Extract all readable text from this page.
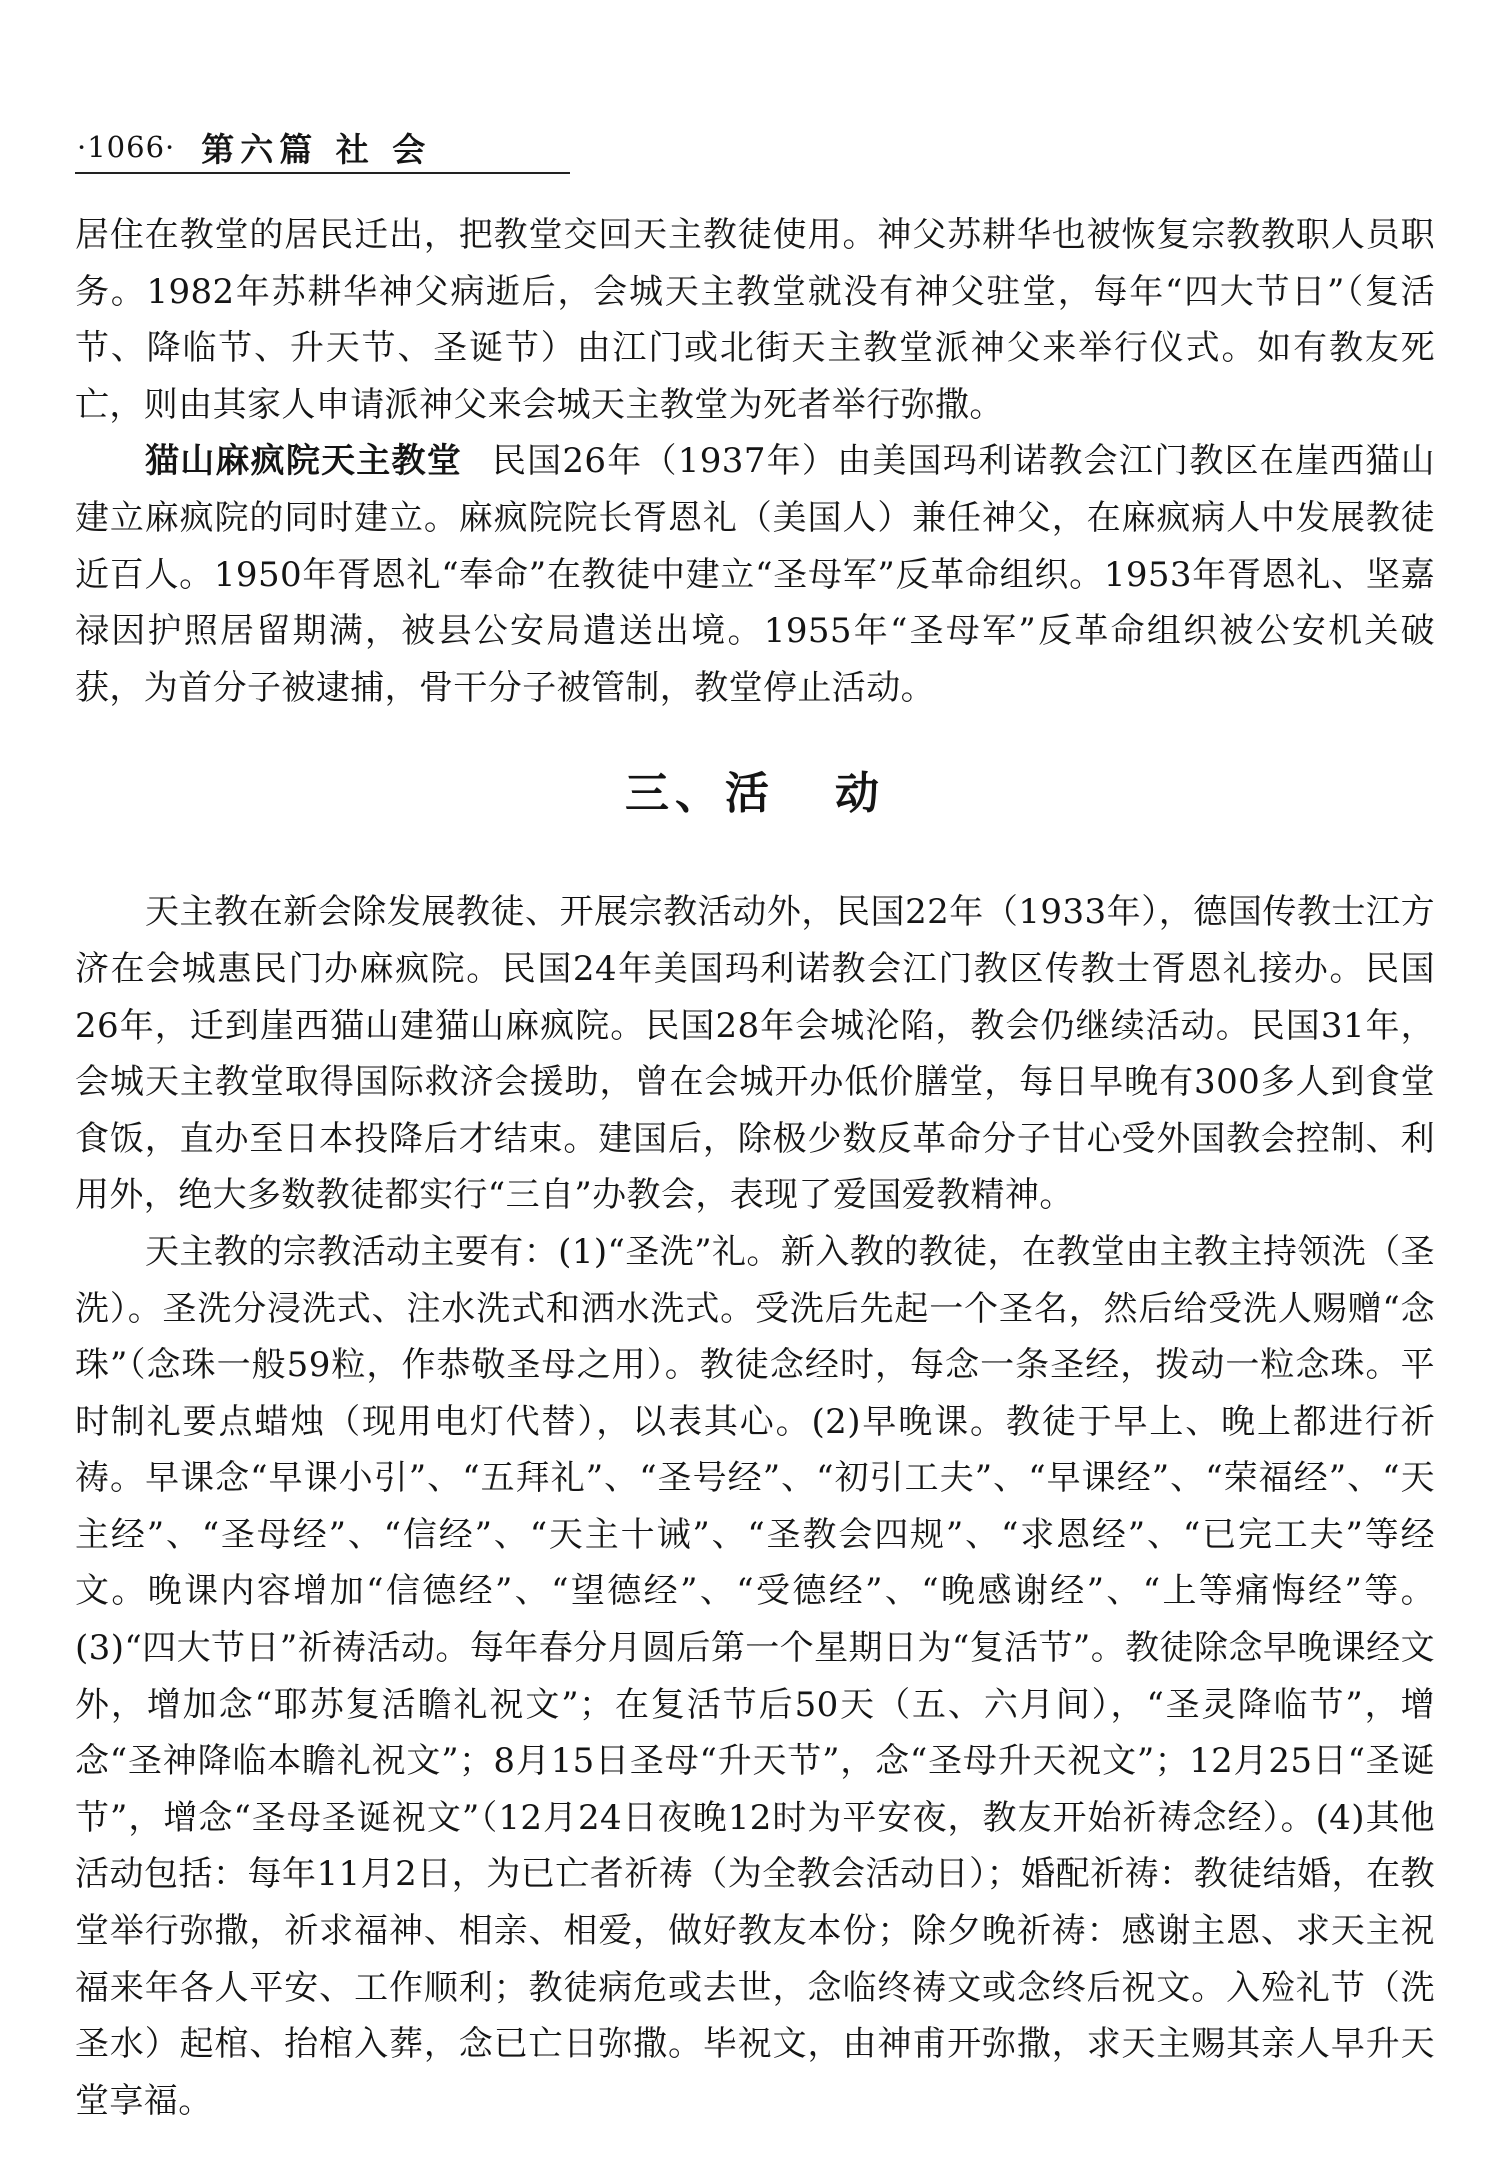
·1066· 第六篇 社 会

居住在教堂的居民迁出，把教堂交回天主教徒使用。神父苏耕华也被恢复宗教教职人员职务。1982年苏耕华神父病逝后，会城天主教堂就没有神父驻堂，每年“四大节日”（复活节、降临节、升天节、圣诞节）由江门或北街天主教堂派神父来举行仪式。如有教友死亡，则由其家人申请派神父来会城天主教堂为死者举行弥撒。

猫山麻疯院天主教堂 民国26年（1937年）由美国玛利诺教会江门教区在崖西猫山建立麻疯院的同时建立。麻疯院院长胥恩礼（美国人）兼任神父，在麻疯病人中发展教徒近百人。1950年胥恩礼“奉命”在教徒中建立“圣母军”反革命组织。1953年胥恩礼、坚嘉禄因护照居留期满，被县公安局遣送出境。1955年“圣母军”反革命组织被公安机关破获，为首分子被逮捕，骨干分子被管制，教堂停止活动。

三、活 动

天主教在新会除发展教徒、开展宗教活动外，民国22年（1933年），德国传教士江方济在会城惠民门办麻疯院。民国24年美国玛利诺教会江门教区传教士胥恩礼接办。民国26年，迁到崖西猫山建猫山麻疯院。民国28年会城沦陷，教会仍继续活动。民国31年，会城天主教堂取得国际救济会援助，曾在会城开办低价膳堂，每日早晚有300多人到食堂食饭，直办至日本投降后才结束。建国后，除极少数反革命分子甘心受外国教会控制、利用外，绝大多数教徒都实行“三自”办教会，表现了爱国爱教精神。

天主教的宗教活动主要有：(1)“圣洗”礼。新入教的教徒，在教堂由主教主持领洗（圣洗）。圣洗分浸洗式、注水洗式和洒水洗式。受洗后先起一个圣名，然后给受洗人赐赠“念珠”（念珠一般59粒，作恭敬圣母之用）。教徒念经时，每念一条圣经，拨动一粒念珠。平时制礼要点蜡烛（现用电灯代替），以表其心。(2)早晚课。教徒于早上、晚上都进行祈祷。早课念“早课小引”、“五拜礼”、“圣号经”、“初引工夫”、“早课经”、“荣福经”、“天主经”、“圣母经”、“信经”、“天主十诫”、“圣教会四规”、“求恩经”、“已完工夫”等经文。晚课内容增加“信德经”、“望德经”、“受德经”、“晚感谢经”、“上等痛悔经”等。(3)“四大节日”祈祷活动。每年春分月圆后第一个星期日为“复活节”。教徒除念早晚课经文外，增加念“耶苏复活瞻礼祝文”；在复活节后50天（五、六月间），“圣灵降临节”，增念“圣神降临本瞻礼祝文”；8月15日圣母“升天节”，念“圣母升天祝文”；12月25日“圣诞节”，增念“圣母圣诞祝文”（12月24日夜晚12时为平安夜，教友开始祈祷念经）。(4)其他活动包括：每年11月2日，为已亡者祈祷（为全教会活动日）；婚配祈祷：教徒结婚，在教堂举行弥撒，祈求福神、相亲、相爱，做好教友本份；除夕晚祈祷：感谢主恩、求天主祝福来年各人平安、工作顺利；教徒病危或去世，念临终祷文或念终后祝文。入殓礼节（洗圣水）起棺、抬棺入葬，念已亡日弥撒。毕祝文，由神甫开弥撒，求天主赐其亲人早升天堂享福。
